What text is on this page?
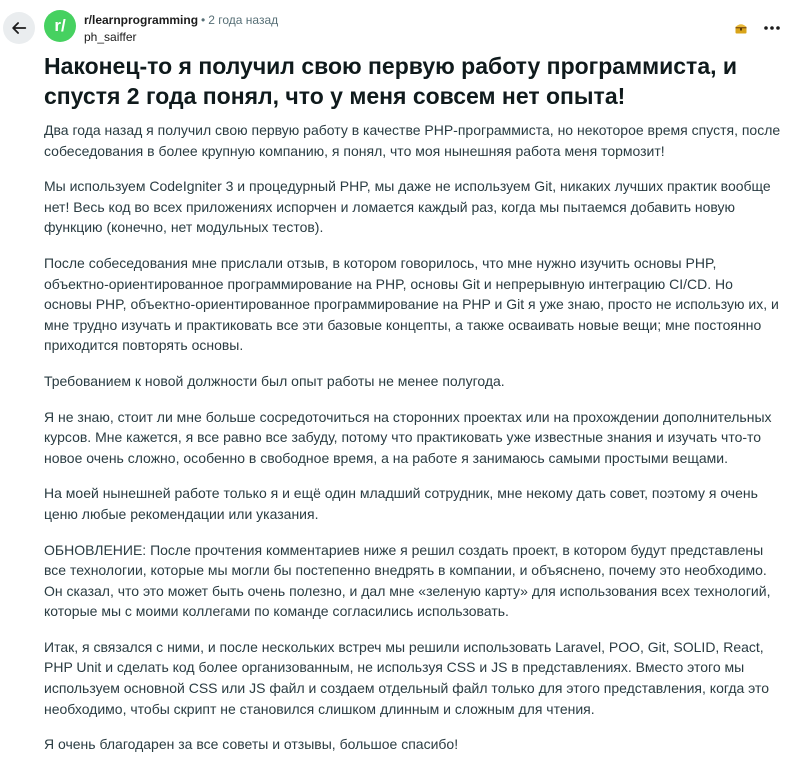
r/ r/learnprogramming • 2 года назад
ph_saiffer
Наконец-то я получил свою первую работу программиста, и спустя 2 года понял, что у меня совсем нет опыта!

Два года назад я получил свою первую работу в качестве PHP-программиста, но некоторое время спустя, после собеседования в более крупную компанию, я понял, что моя нынешняя работа меня тормозит!

Мы используем CodeIgniter 3 и процедурный PHP, мы даже не используем Git, никаких лучших практик вообще нет! Весь код во всех приложениях испорчен и ломается каждый раз, когда мы пытаемся добавить новую функцию (конечно, нет модульных тестов).

После собеседования мне прислали отзыв, в котором говорилось, что мне нужно изучить основы PHP, объектно-ориентированное программирование на PHP, основы Git и непрерывную интеграцию CI/CD. Но основы PHP, объектно-ориентированное программирование на PHP и Git я уже знаю, просто не использую их, и мне трудно изучать и практиковать все эти базовые концепты, а также осваивать новые вещи; мне постоянно приходится повторять основы.

Требованием к новой должности был опыт работы не менее полугода.

Я не знаю, стоит ли мне больше сосредоточиться на сторонних проектах или на прохождении дополнительных курсов. Мне кажется, я все равно все забуду, потому что практиковать уже известные знания и изучать что-то новое очень сложно, особенно в свободное время, а на работе я занимаюсь самыми простыми вещами.

На моей нынешней работе только я и ещё один младший сотрудник, мне некому дать совет, поэтому я очень ценю любые рекомендации или указания.

ОБНОВЛЕНИЕ: После прочтения комментариев ниже я решил создать проект, в котором будут представлены все технологии, которые мы могли бы постепенно внедрять в компании, и объяснено, почему это необходимо. Он сказал, что это может быть очень полезно, и дал мне «зеленую карту» для использования всех технологий, которые мы с моими коллегами по команде согласились использовать.

Итак, я связался с ними, и после нескольких встреч мы решили использовать Laravel, POO, Git, SOLID, React, PHP Unit и сделать код более организованным, не используя CSS и JS в представлениях. Вместо этого мы используем основной CSS или JS файл и создаем отдельный файл только для этого представления, когда это необходимо, чтобы скрипт не становился слишком длинным и сложным для чтения.

Я очень благодарен за все советы и отзывы, большое спасибо!
